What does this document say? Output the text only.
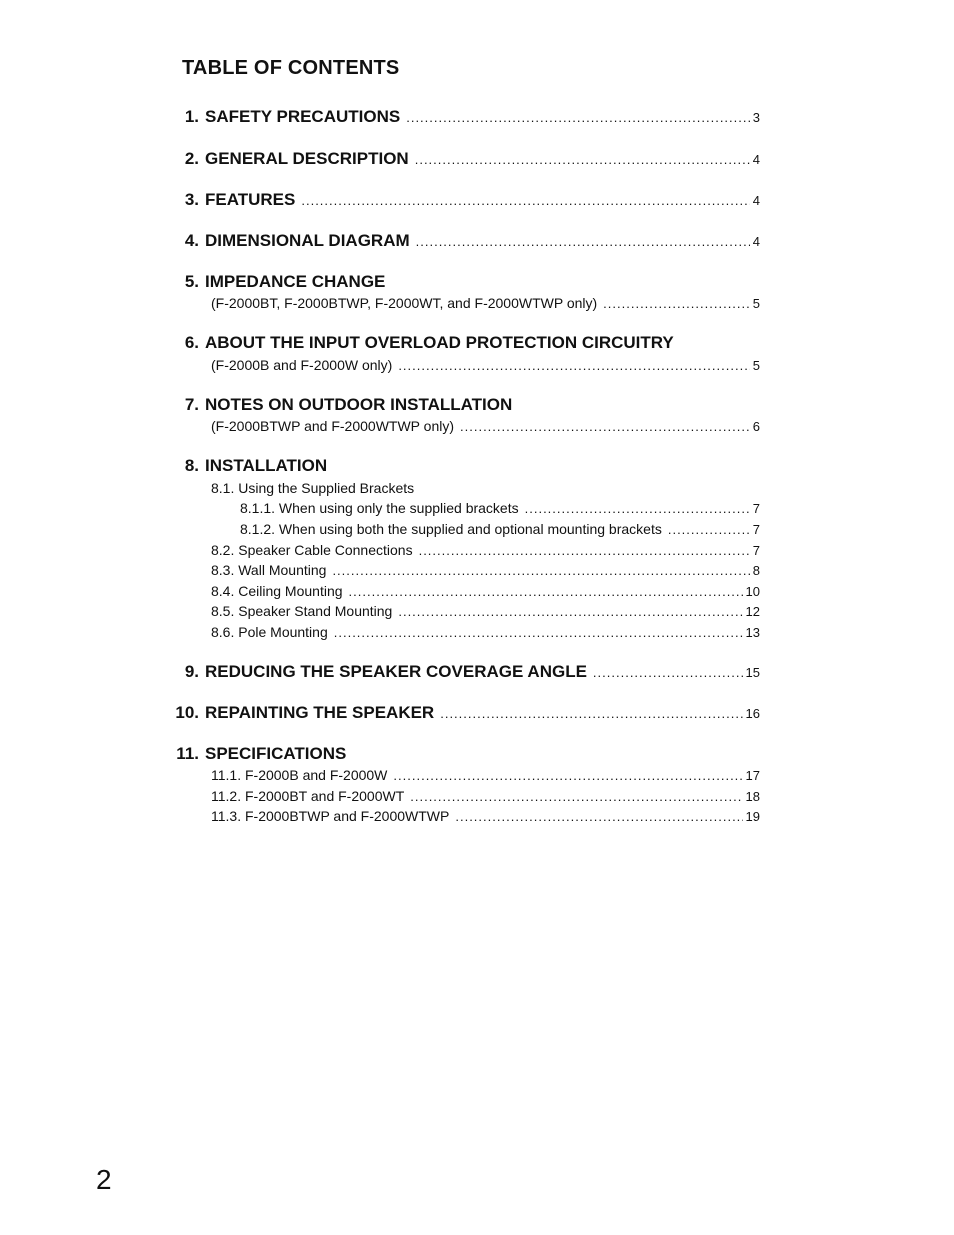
TABLE OF CONTENTS
1. SAFETY PRECAUTIONS .....	3
2. GENERAL DESCRIPTION .....	4
3. FEATURES .....	4
4. DIMENSIONAL DIAGRAM .....	4
5. IMPEDANCE CHANGE
(F-2000BT, F-2000BTWP, F-2000WT, and F-2000WTWP only) .....	5
6. ABOUT THE INPUT OVERLOAD PROTECTION CIRCUITRY
(F-2000B and F-2000W only) .....	5
7. NOTES ON OUTDOOR INSTALLATION
(F-2000BTWP and F-2000WTWP only) .....	6
8. INSTALLATION
8.1. Using the Supplied Brackets
8.1.1. When using only the supplied brackets .....	7
8.1.2. When using both the supplied and optional mounting brackets .....	7
8.2. Speaker Cable Connections .....	7
8.3. Wall Mounting .....	8
8.4. Ceiling Mounting .....	10
8.5. Speaker Stand Mounting .....	12
8.6. Pole Mounting .....	13
9. REDUCING THE SPEAKER COVERAGE ANGLE .....	15
10. REPAINTING THE SPEAKER .....	16
11. SPECIFICATIONS
11.1. F-2000B and F-2000W .....	17
11.2. F-2000BT and F-2000WT .....	18
11.3. F-2000BTWP and F-2000WTWP .....	19
2
